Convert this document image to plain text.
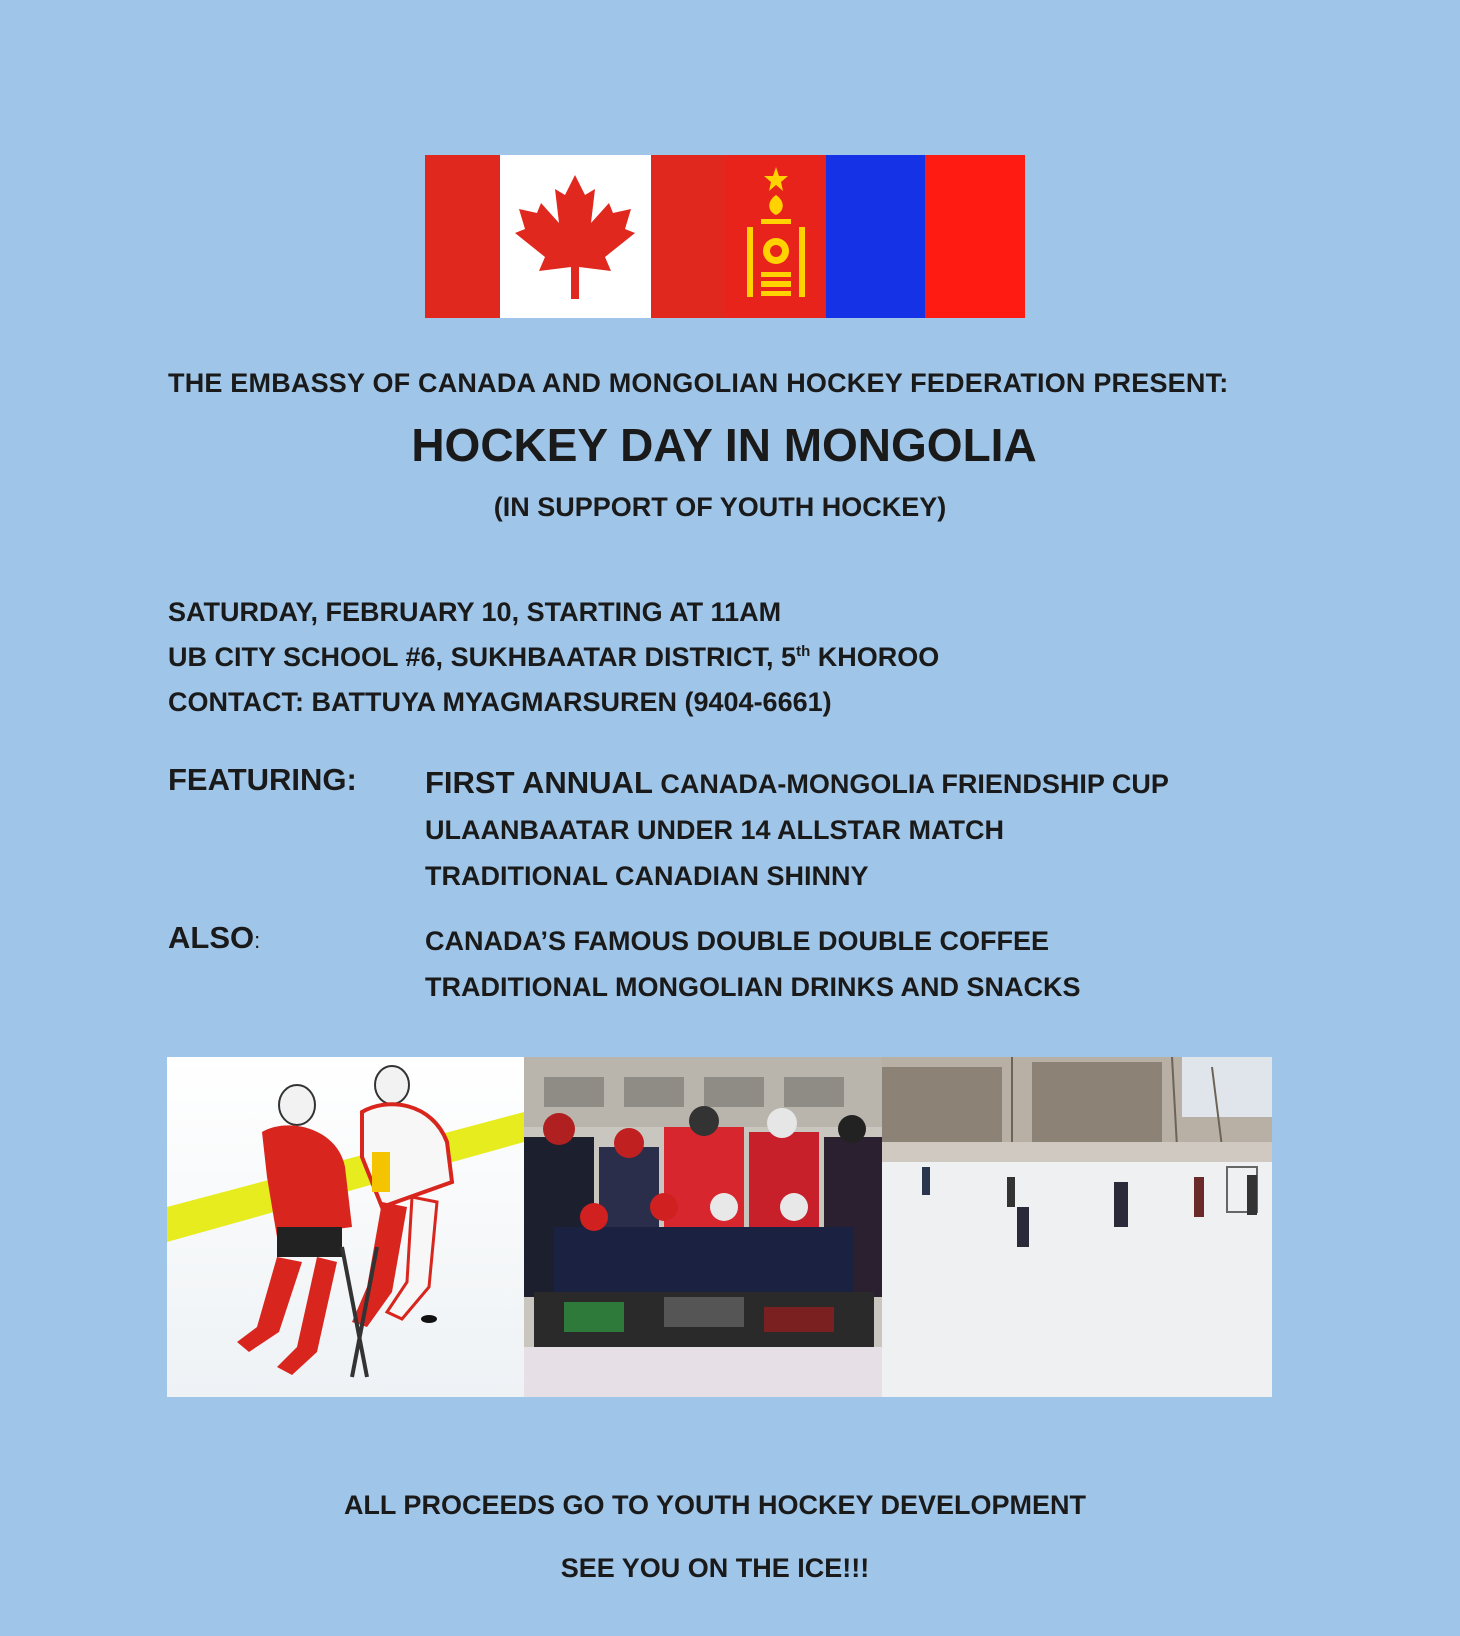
THE EMBASSY OF CANADA AND MONGOLIAN HOCKEY FEDERATION PRESENT:
HOCKEY DAY IN MONGOLIA
(IN SUPPORT OF YOUTH HOCKEY)
SATURDAY, FEBRUARY 10, STARTING AT 11AM
UB CITY SCHOOL #6, SUKHBAATAR DISTRICT, 5th KHOROO
CONTACT: BATTUYA MYAGMARSUREN (9404-6661)
FEATURING: FIRST ANNUAL CANADA-MONGOLIA FRIENDSHIP CUP
ULAANBAATAR UNDER 14 ALLSTAR MATCH
TRADITIONAL CANADIAN SHINNY
ALSO:	CANADA’S FAMOUS DOUBLE DOUBLE COFFEE
TRADITIONAL MONGOLIAN DRINKS AND SNACKS
ALL PROCEEDS GO TO YOUTH HOCKEY DEVELOPMENT
SEE YOU ON THE ICE!!!
